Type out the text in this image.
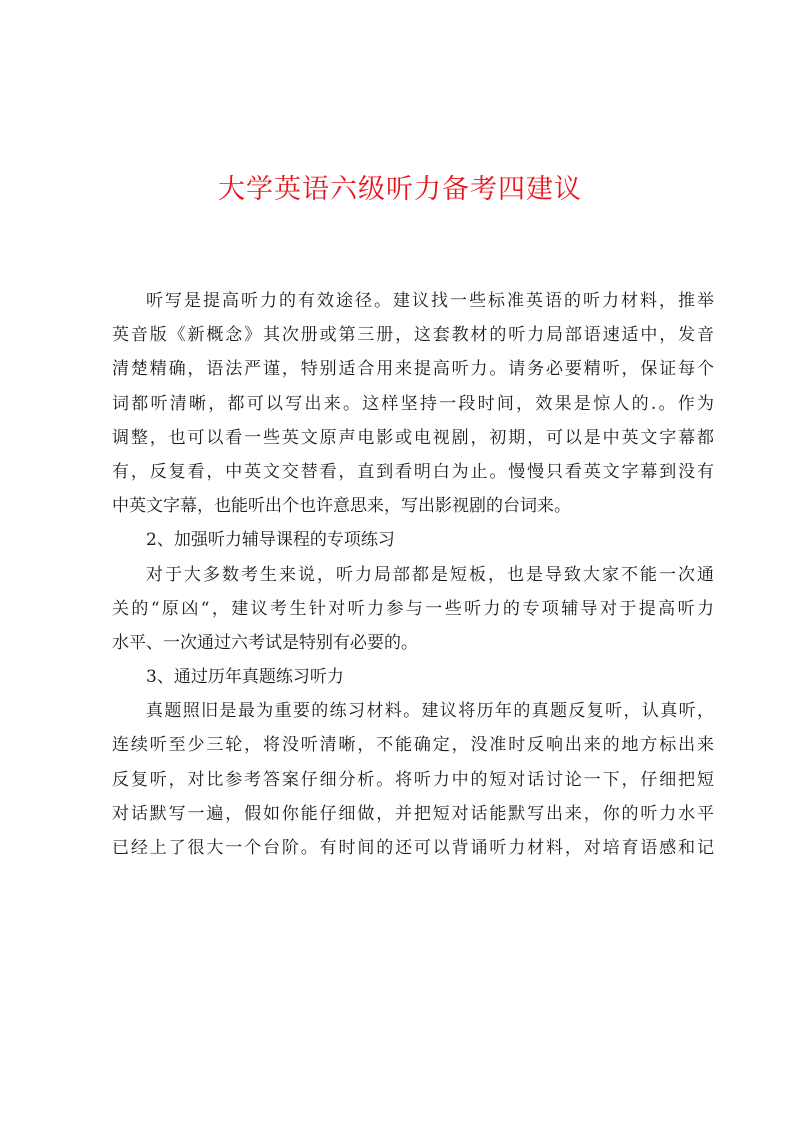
大学英语六级听力备考四建议
听写是提高听力的有效途径。建议找一些标准英语的听力材料，推举
英音版《新概念》其次册或第三册，这套教材的听力局部语速适中，发音
清楚精确，语法严谨，特别适合用来提高听力。请务必要精听，保证每个
词都听清晰，都可以写出来。这样坚持一段时间，效果是惊人的.。作为
调整，也可以看一些英文原声电影或电视剧，初期，可以是中英文字幕都
有，反复看，中英文交替看，直到看明白为止。慢慢只看英文字幕到没有
中英文字幕，也能听出个也许意思来，写出影视剧的台词来。
2、加强听力辅导课程的专项练习
对于大多数考生来说，听力局部都是短板，也是导致大家不能一次通
关的“原凶“，建议考生针对听力参与一些听力的专项辅导对于提高听力
水平、一次通过六考试是特别有必要的。
3、通过历年真题练习听力
真题照旧是最为重要的练习材料。建议将历年的真题反复听，认真听，
连续听至少三轮，将没听清晰，不能确定，没准时反响出来的地方标出来
反复听，对比参考答案仔细分析。将听力中的短对话讨论一下，仔细把短
对话默写一遍，假如你能仔细做，并把短对话能默写出来，你的听力水平
已经上了很大一个台阶。有时间的还可以背诵听力材料，对培育语感和记
